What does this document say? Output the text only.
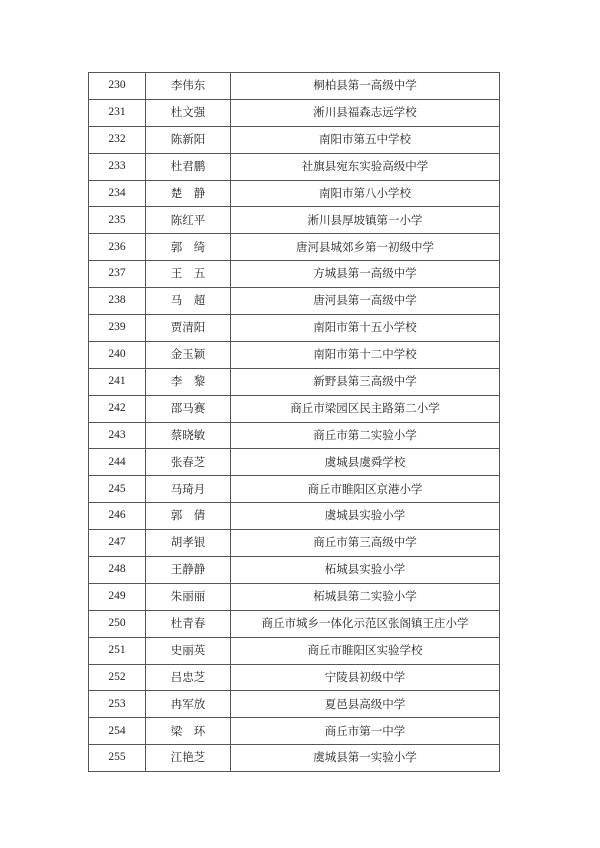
230	李伟东	桐柏县第一高级中学
231	杜文强	淅川县福森志远学校
232	陈新阳	南阳市第五中学校
233	杜君鹏	社旗县宛东实验高级中学
234	楚　静	南阳市第八小学校
235	陈红平	淅川县厚坡镇第一小学
236	郭　绮	唐河县城郊乡第一初级中学
237	王　五	方城县第一高级中学
238	马　超	唐河县第一高级中学
239	贾清阳	南阳市第十五小学校
240	金玉颖	南阳市第十二中学校
241	李　黎	新野县第三高级中学
242	邵马赛	商丘市梁园区民主路第二小学
243	蔡晓敏	商丘市第二实验小学
244	张春芝	虞城县虞舜学校
245	马琦月	商丘市睢阳区京港小学
246	郭　倩	虞城县实验小学
247	胡孝银	商丘市第三高级中学
248	王静静	柘城县实验小学
249	朱丽丽	柘城县第二实验小学
250	杜青春	商丘市城乡一体化示范区张阁镇王庄小学
251	史丽英	商丘市睢阳区实验学校
252	吕忠芝	宁陵县初级中学
253	冉军放	夏邑县高级中学
254	梁　环	商丘市第一中学
255	江艳芝	虞城县第一实验小学
